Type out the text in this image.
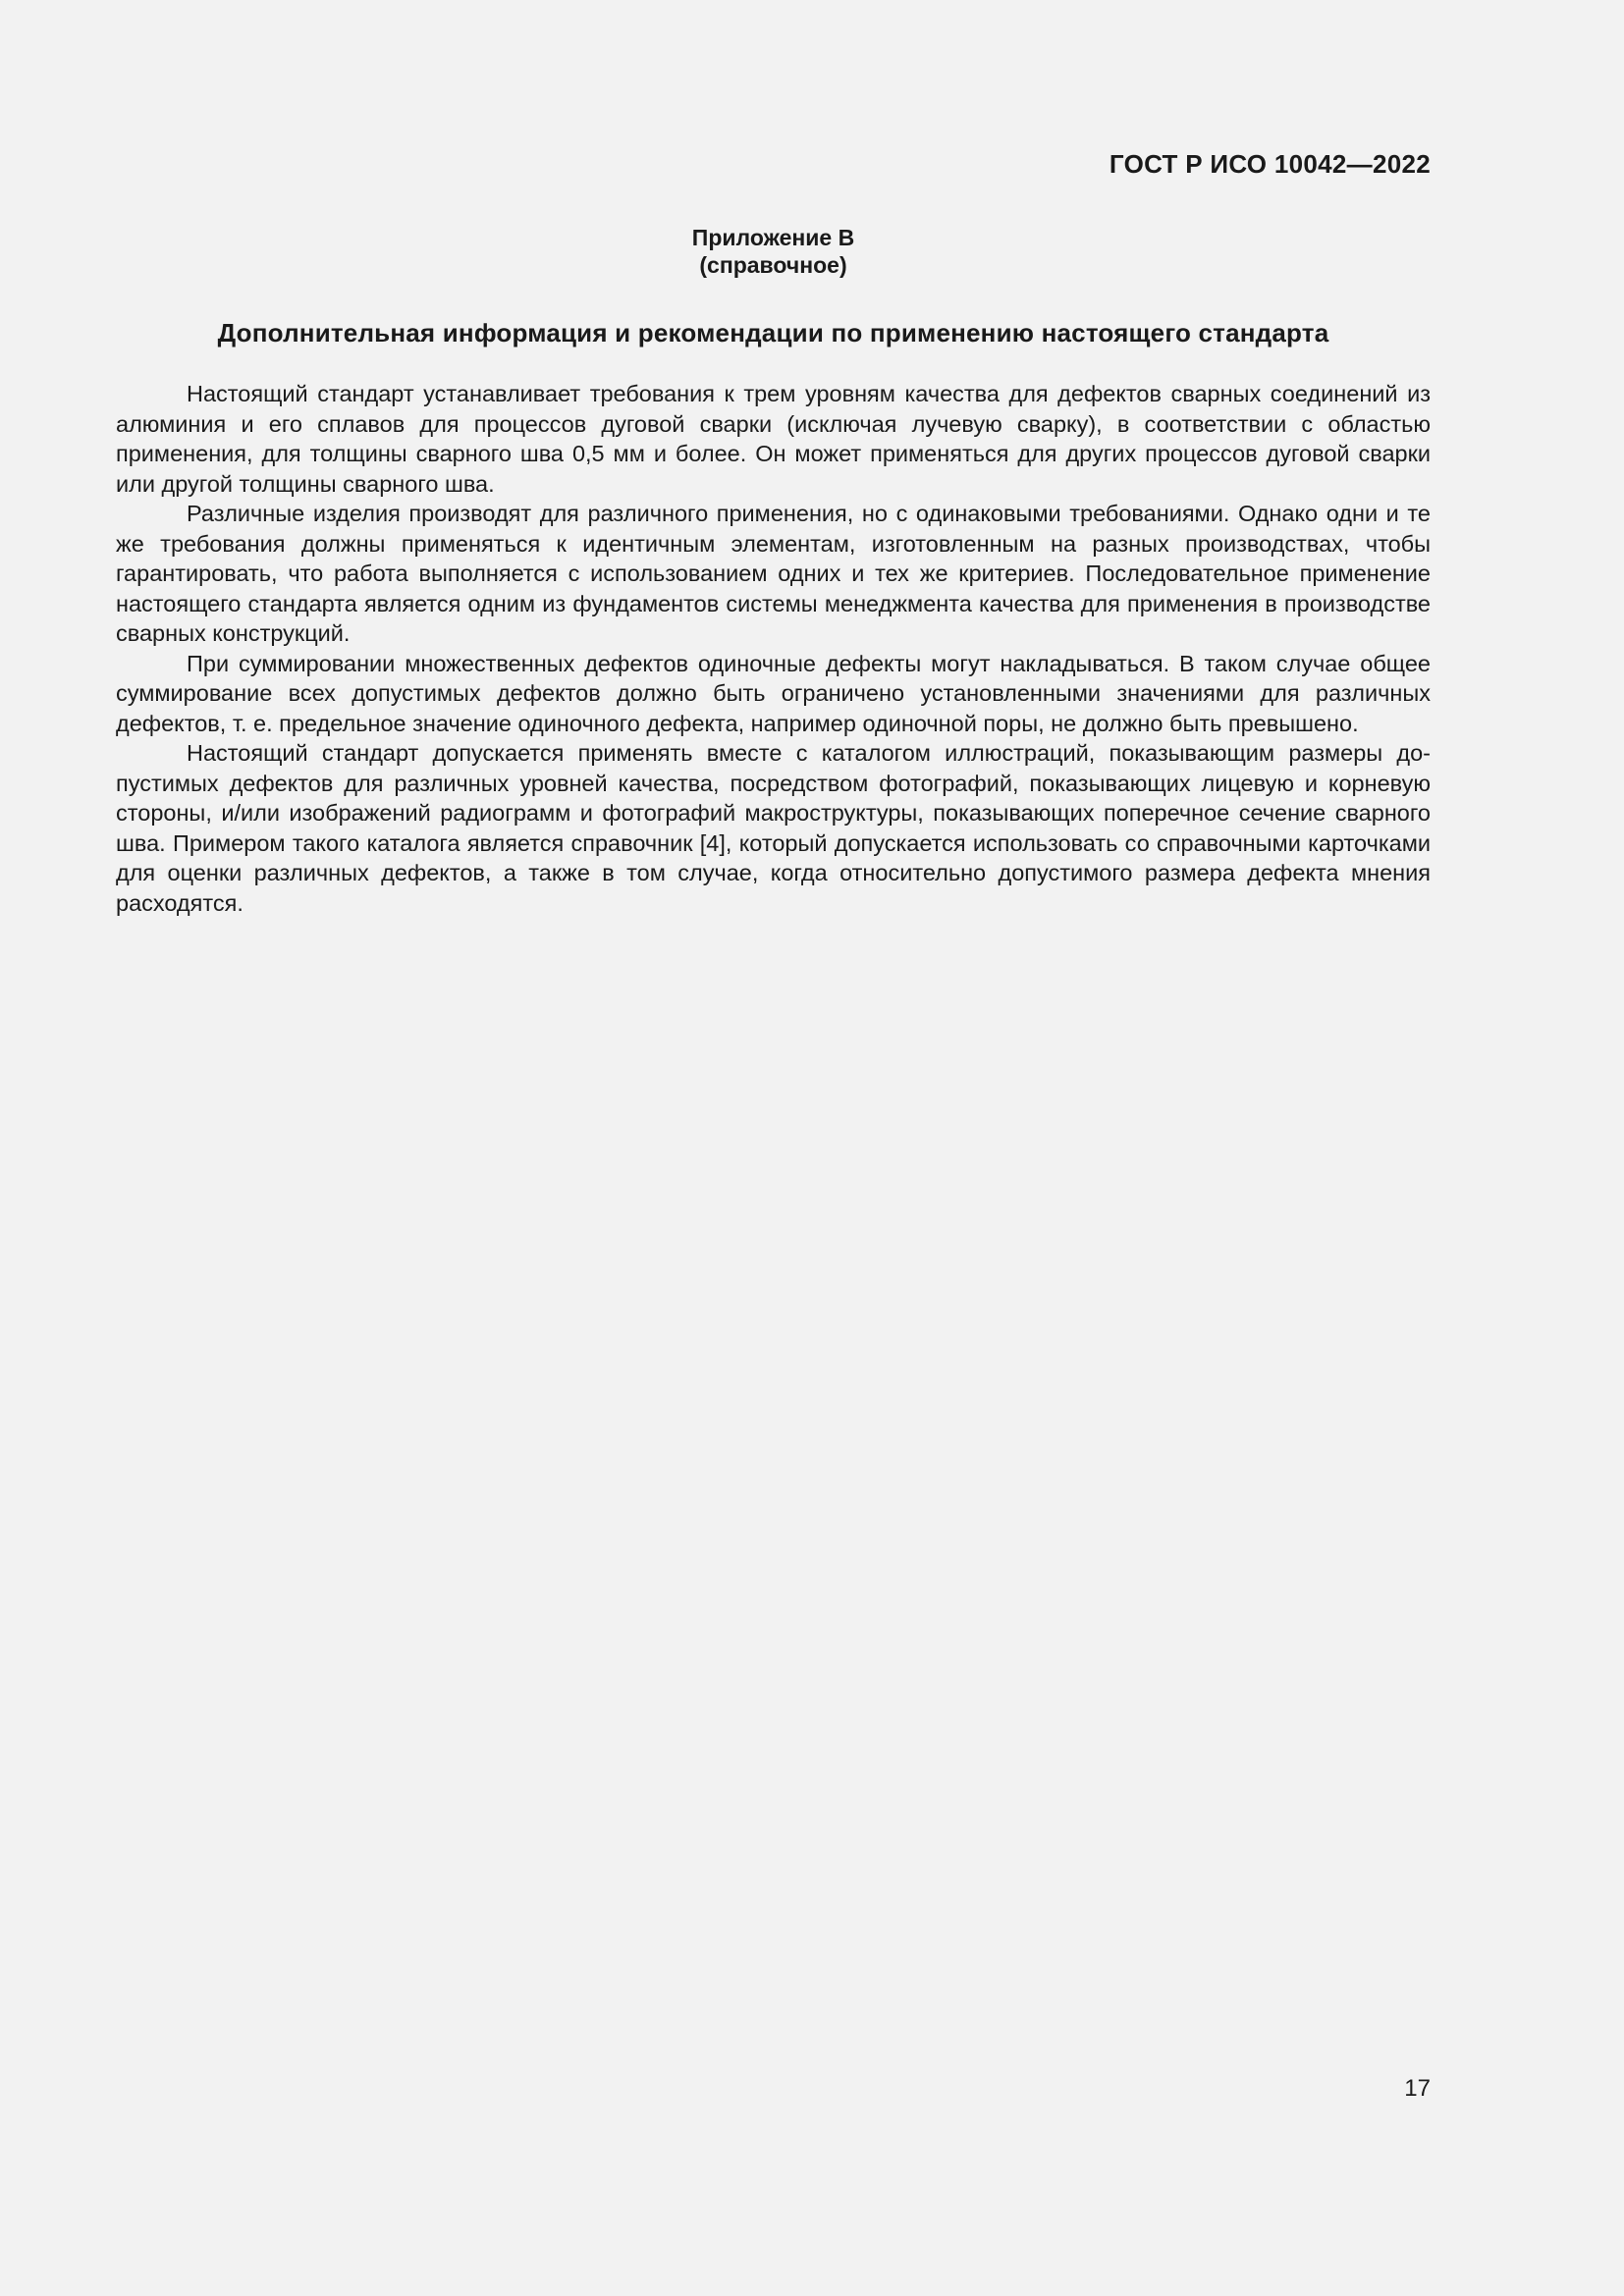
ГОСТ Р ИСО 10042—2022
Приложение В
(справочное)
Дополнительная информация и рекомендации по применению настоящего стандарта

Настоящий стандарт устанавливает требования к трем уровням качества для дефектов сварных соединений из алюминия и его сплавов для процессов дуговой сварки (исключая лучевую сварку), в соответствии с областью применения, для толщины сварного шва 0,5 мм и более. Он может применяться для других процессов дуговой сварки или другой толщины сварного шва.

Различные изделия производят для различного применения, но с одинаковыми требованиями. Однако одни и те же требования должны применяться к идентичным элементам, изготовленным на разных производствах, чтобы гарантировать, что работа выполняется с использованием одних и тех же критериев. Последовательное применение настоящего стандарта является одним из фундаментов системы менеджмента качества для применения в производстве сварных конструкций.

При суммировании множественных дефектов одиночные дефекты могут накладываться. В таком случае общее суммирование всех допустимых дефектов должно быть ограничено установленными значениями для различных дефектов, т. е. предельное значение одиночного дефекта, например одиночной поры, не должно быть превышено.

Настоящий стандарт допускается применять вместе с каталогом иллюстраций, показывающим размеры допустимых дефектов для различных уровней качества, посредством фотографий, показывающих лицевую и корневую стороны, и/или изображений радиограмм и фотографий макроструктуры, показывающих поперечное сечение сварного шва. Примером такого каталога является справочник [4], который допускается использовать со справочными карточками для оценки различных дефектов, а также в том случае, когда относительно допустимого размера дефекта мнения расходятся.

17
